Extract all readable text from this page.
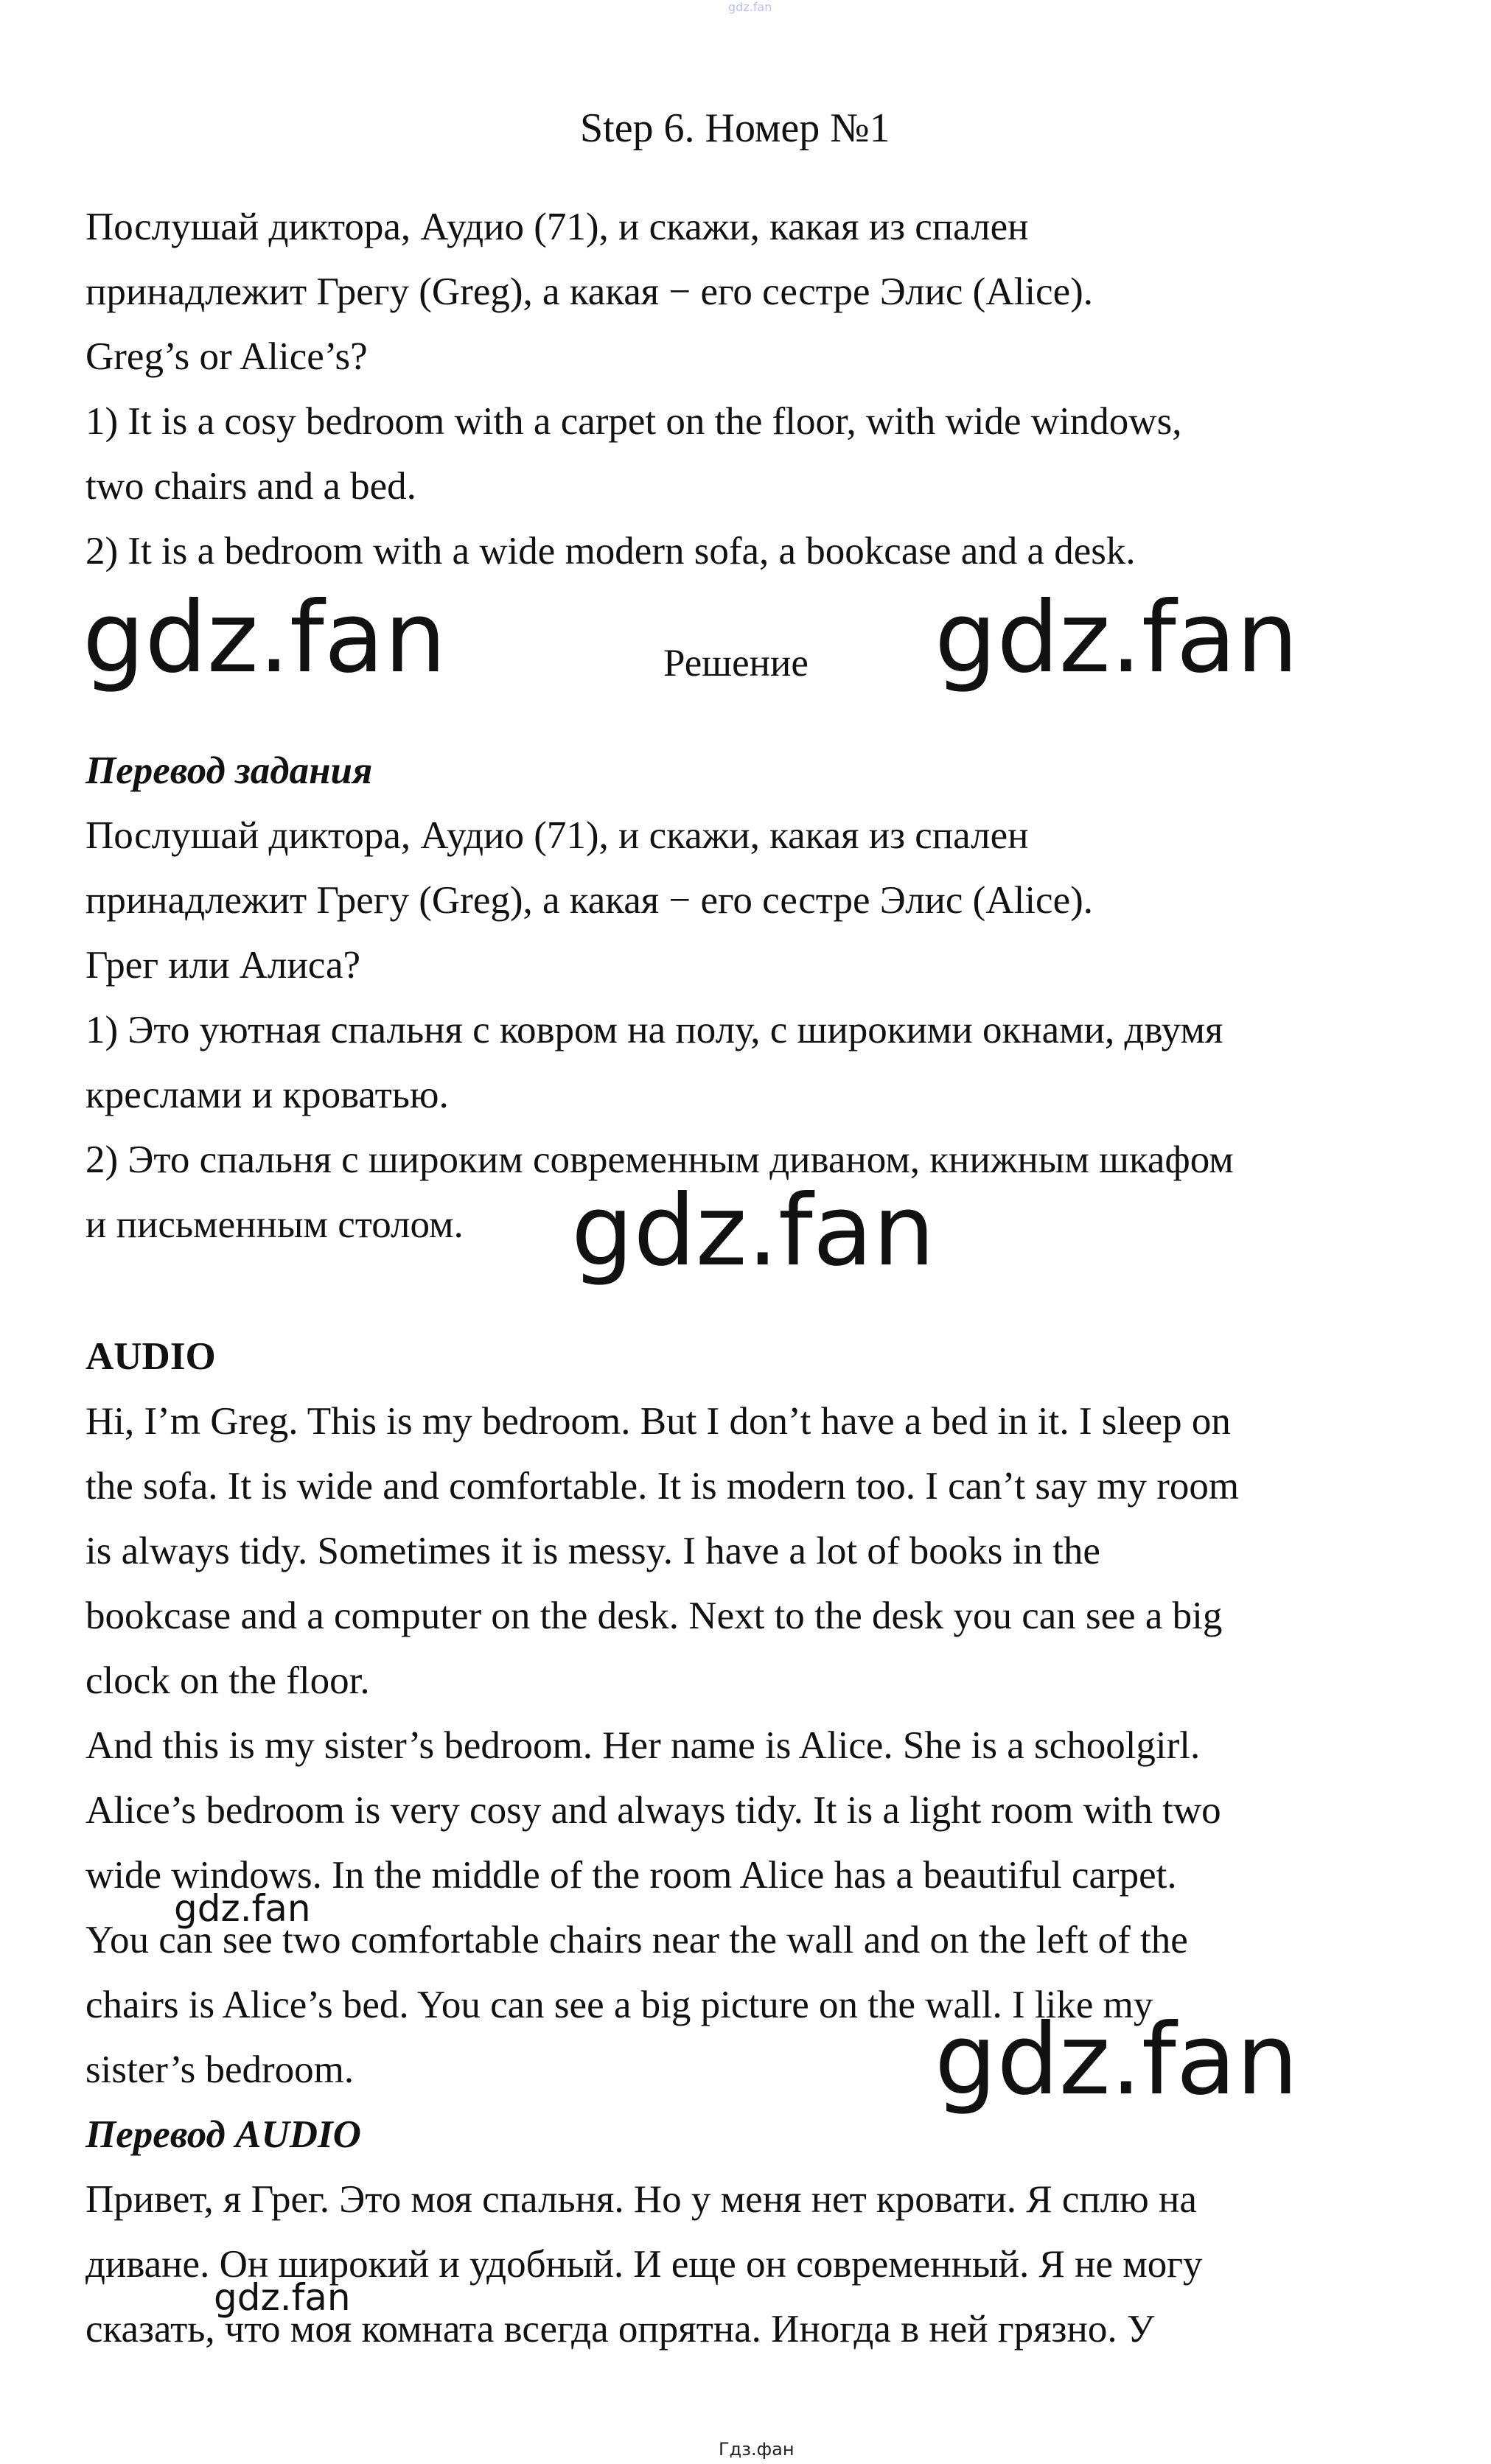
gdz.fan
Step 6. Номер №1
Послушай диктора, Аудио (71), и скажи, какая из спален
принадлежит Грегу (Greg), а какая − его сестре Элис (Alice).
Greg’s or Alice’s?
1) It is a cosy bedroom with a carpet on the floor, with wide windows,
two chairs and a bed.
2) It is a bedroom with a wide modern sofa, a bookcase and a desk.
gdz.fan	Решение gdz.fan
Перевод задания
Послушай диктора, Аудио (71), и скажи, какая из спален
принадлежит Грегу (Greg), а какая − его сестре Элис (Alice).
Грег или Алиса?
1) Это уютная спальня с ковром на полу, с широкими окнами, двумя
креслами и кроватью.
2) Это спальня с широким современным диваном, книжным шкафом
и письменным столом. gdz.fan
AUDIO
Hi, I’m Greg. This is my bedroom. But I don’t have a bed in it. I sleep on
the sofa. It is wide and comfortable. It is modern too. I can’t say my room
is always tidy. Sometimes it is messy. I have a lot of books in the
bookcase and a computer on the desk. Next to the desk you can see a big
clock on the floor.
And this is my sister’s bedroom. Her name is Alice. She is a schoolgirl.
Alice’s bedroom is very cosy and always tidy. It is a light room with two
wide windows. In the middle of the room Alice has a beautiful carpet.
gdz.fan
You can see two comfortable chairs near the wall and on the left of the
chairs is Alice’s bed. You can see a big picture on the wall. I like my
sister’s bedroom.	gdz.fan
Перевод AUDIO
Привет, я Грег. Это моя спальня. Но у меня нет кровати. Я сплю на
диване. Он широкий и удобный. И еще он современный. Я не могу
gdz.fan
сказать, что моя комната всегда опрятна. Иногда в ней грязно. У
Гдз.фан
